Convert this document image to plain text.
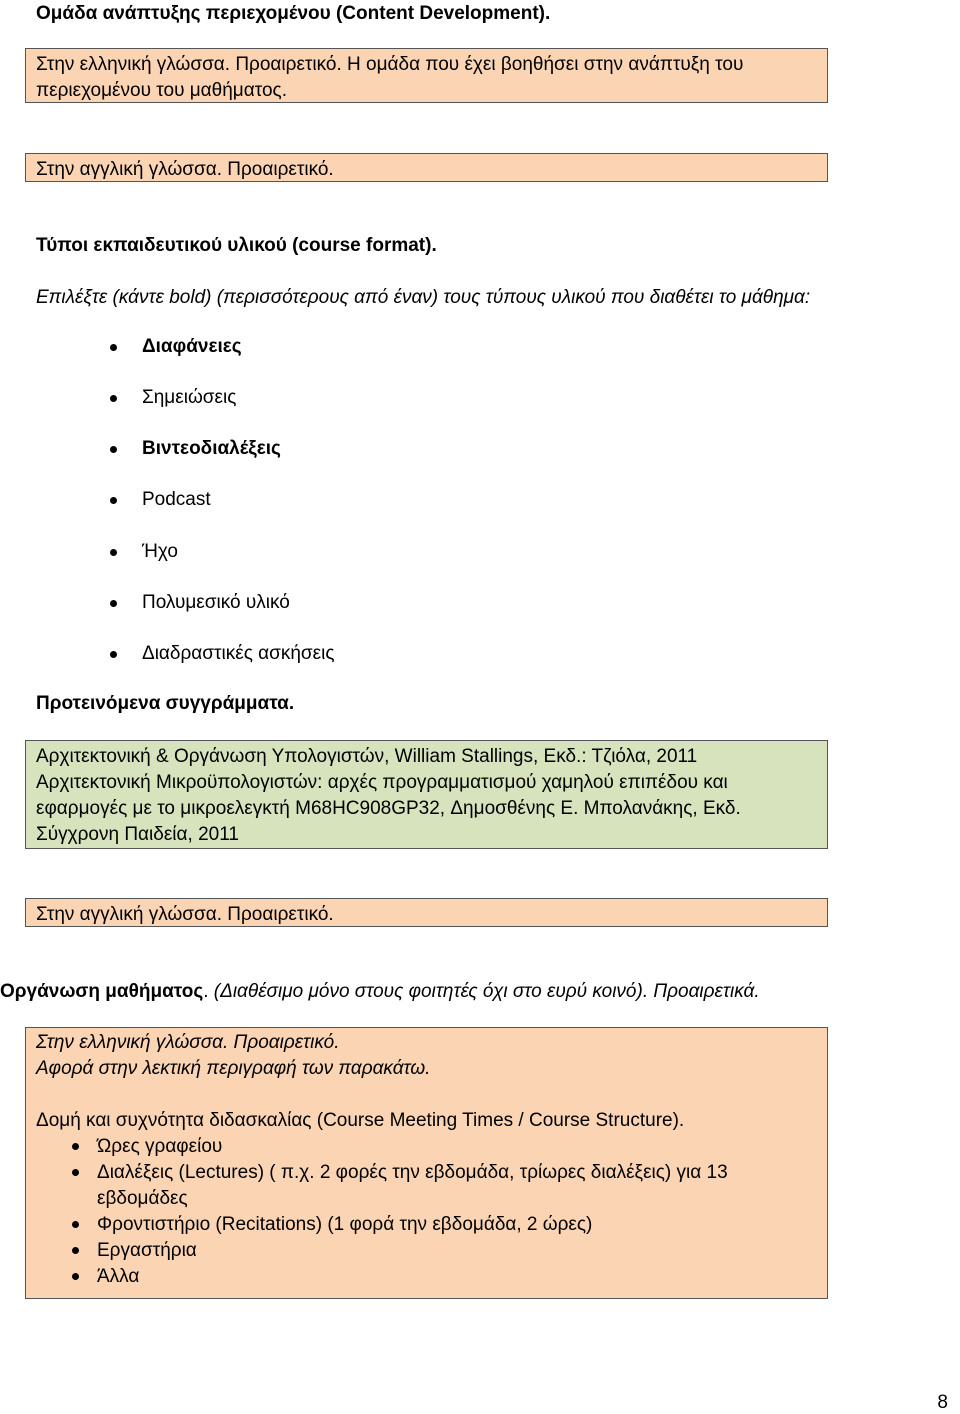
Ομάδα ανάπτυξης περιεχομένου (Content Development).

Στην ελληνική γλώσσα. Προαιρετικό. Η ομάδα που έχει βοηθήσει στην ανάπτυξη του περιεχομένου του μαθήματος.

Στην αγγλική γλώσσα. Προαιρετικό.

Τύποι εκπαιδευτικού υλικού (course format).
Επιλέξτε (κάντε bold) (περισσότερους από έναν) τους τύπους υλικού που διαθέτει το μάθημα:
Διαφάνειες
Σημειώσεις
Βιντεοδιαλέξεις
Podcast
Ήχο
Πολυμεσικό υλικό
Διαδραστικές ασκήσεις
Προτεινόμενα συγγράμματα.

Αρχιτεκτονική & Οργάνωση Υπολογιστών, William Stallings, Εκδ.: Τζιόλα, 2011

Αρχιτεκτονική Μικροϋπολογιστών: αρχές προγραμματισμού χαμηλού επιπέδου και εφαρμογές με το μικροελεγκτή M68HC908GP32, Δημοσθένης Ε. Μπολανάκης, Εκδ. Σύγχρονη Παιδεία, 2011

Στην αγγλική γλώσσα. Προαιρετικό.

Οργάνωση μαθήματος. (Διαθέσιμο μόνο στους φοιτητές όχι στο ευρύ κοινό). Προαιρετικά.

Στην ελληνική γλώσσα. Προαιρετικό.

Αφορά στην λεκτική περιγραφή των παρακάτω.

Δομή και συχνότητα διδασκαλίας (Course Meeting Times / Course Structure).

Ώρες γραφείου
Διαλέξεις (Lectures) ( π.χ. 2 φορές την εβδομάδα, τρίωρες διαλέξεις) για 13 εβδομάδες
Φροντιστήριο (Recitations) (1 φορά την εβδομάδα, 2 ώρες)
Εργαστήρια
Άλλα
8
